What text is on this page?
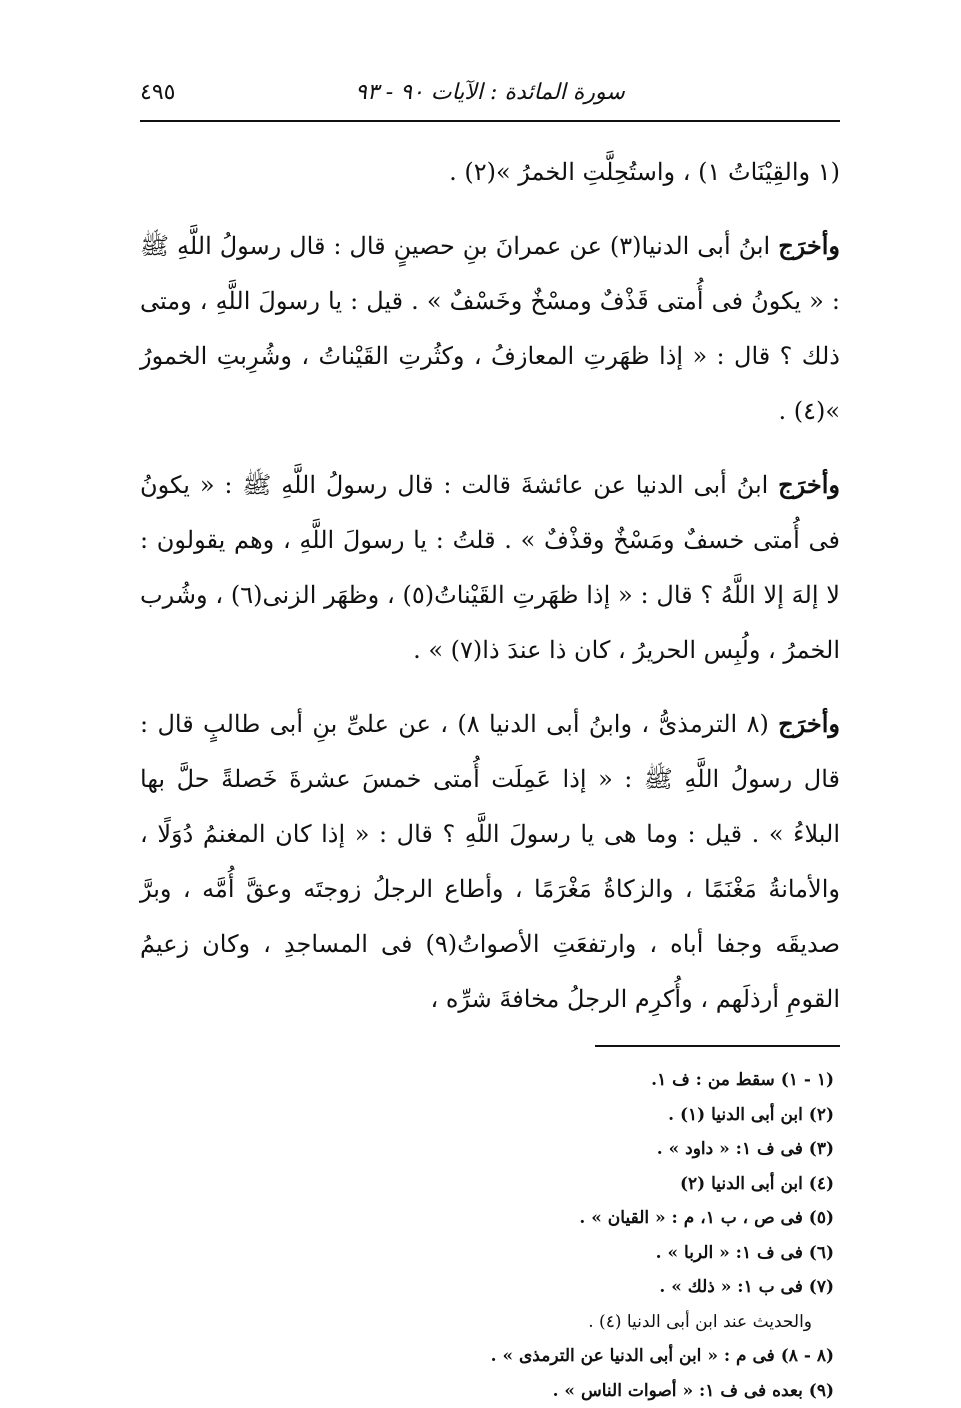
سورة المائدة : الآيات ٩٠ - ٩٣
٤٩٥

(١ والقِيْنَاتُ ١) ، واستُحِلَّتِ الخمرُ »(٢) .

وأخرَج ابنُ أبى الدنيا(٣) عن عمرانَ بنِ حصينٍ قال : قال رسولُ اللَّهِ ﷺ : « يكونُ فى أُمتى قَذْفٌ ومسْخٌ وخَسْفٌ » . قيل : يا رسولَ اللَّهِ ، ومتى ذلك ؟ قال : « إذا ظهَرتِ المعازفُ ، وكثُرتِ القَيْناتُ ، وشُرِبتِ الخمورُ »(٤) .

وأخرَج ابنُ أبى الدنيا عن عائشةَ قالت : قال رسولُ اللَّهِ ﷺ : « يكونُ فى أُمتى خسفٌ ومَسْخٌ وقذْفٌ » . قلتُ : يا رسولَ اللَّهِ ، وهم يقولون : لا إلهَ إلا اللَّهُ ؟ قال : « إذا ظهَرتِ القَيْناتُ(٥) ، وظهَر الزنى(٦) ، وشُرب الخمرُ ، ولُبِس الحريرُ ، كان ذا عندَ ذا(٧) » .

وأخرَج (٨ الترمذىُّ ، وابنُ أبى الدنيا ٨) ، عن علىِّ بنِ أبى طالبٍ قال : قال رسولُ اللَّهِ ﷺ : « إذا عَمِلَت أُمتى خمسَ عشرةَ خَصلةً حلَّ بها البلاءُ » . قيل : وما هى يا رسولَ اللَّهِ ؟ قال : « إذا كان المغنمُ دُوَلًا ، والأمانةُ مَغْنَمًا ، والزكاةُ مَغْرَمًا ، وأطاع الرجلُ زوجتَه وعقَّ أُمَّه ، وبرَّ صديقَه وجفا أباه ، وارتفعَتِ الأصواتُ(٩) فى المساجدِ ، وكان زعيمُ القومِ أرذلَهم ، وأُكرِم الرجلُ مخافةَ شرِّه ،

(١ - ١) سقط من : ف ١.

(٢) ابن أبى الدنيا (١) .

(٣) فى ف ١: « داود » .

(٤) ابن أبى الدنيا (٢)

(٥) فى ص ، ب ١، م : « القيان » .

(٦) فى ف ١: « الربا » .

(٧) فى ب ١: « ذلك » .

والحديث عند ابن أبى الدنيا (٤) .

(٨ - ٨) فى م : « ابن أبى الدنيا عن الترمذى » .

(٩) بعده فى ف ١: « أصوات الناس » .
